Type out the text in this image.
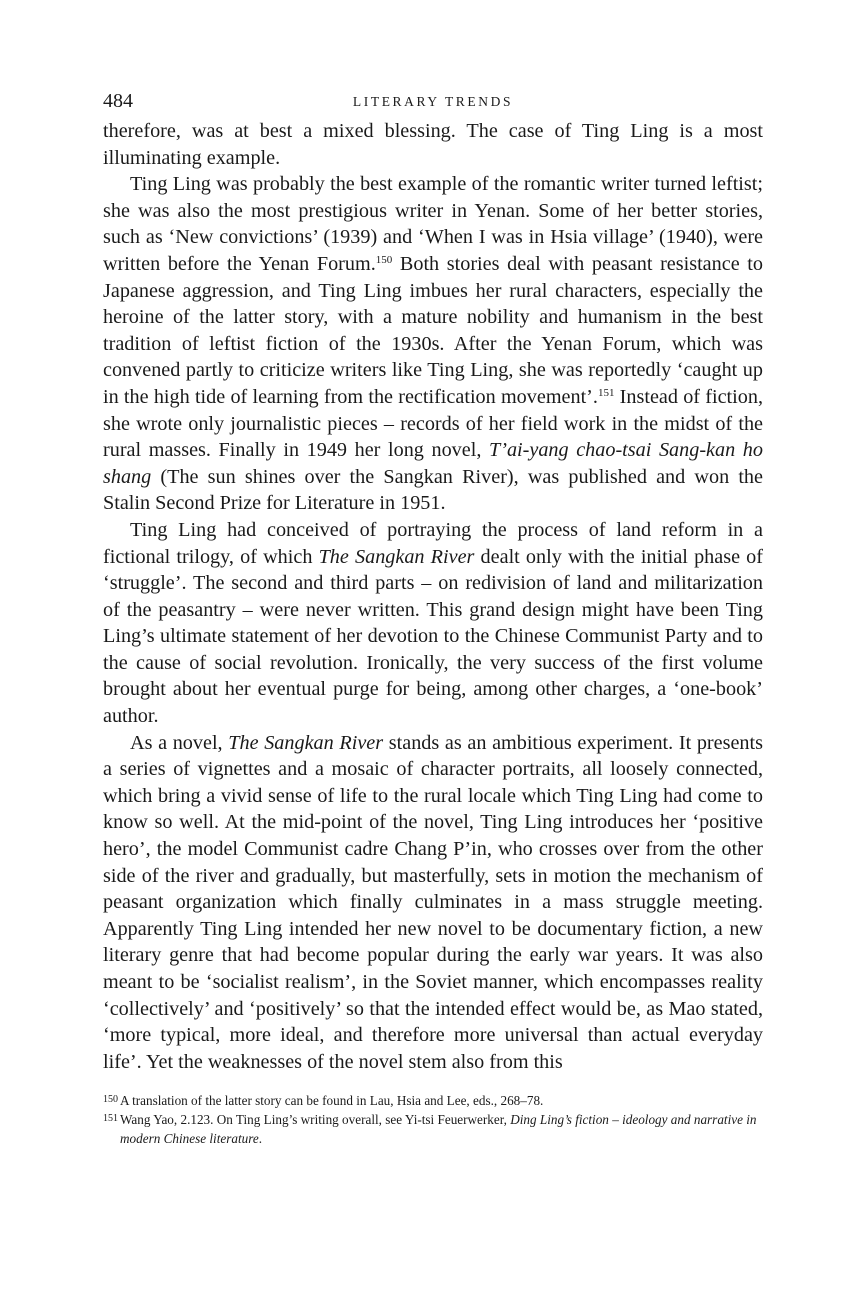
484	LITERARY TRENDS

therefore, was at best a mixed blessing. The case of Ting Ling is a most illuminating example.

Ting Ling was probably the best example of the romantic writer turned leftist; she was also the most prestigious writer in Yenan. Some of her better stories, such as ‘New convictions’ (1939) and ‘When I was in Hsia village’ (1940), were written before the Yenan Forum.$^{150}$ Both stories deal with peasant resistance to Japanese aggression, and Ting Ling imbues her rural characters, especially the heroine of the latter story, with a mature nobility and humanism in the best tradition of leftist fiction of the 1930s. After the Yenan Forum, which was convened partly to criticize writers like Ting Ling, she was reportedly ‘caught up in the high tide of learning from the rectification movement’.$^{151}$ Instead of fiction, she wrote only journalistic pieces – records of her field work in the midst of the rural masses. Finally in 1949 her long novel, T’ai-yang chao-tsai Sang-kan ho shang (The sun shines over the Sangkan River), was published and won the Stalin Second Prize for Literature in 1951.

Ting Ling had conceived of portraying the process of land reform in a fictional trilogy, of which The Sangkan River dealt only with the initial phase of ‘struggle’. The second and third parts – on redivision of land and militarization of the peasantry – were never written. This grand design might have been Ting Ling’s ultimate statement of her devotion to the Chinese Communist Party and to the cause of social revolution. Ironically, the very success of the first volume brought about her eventual purge for being, among other charges, a ‘one-book’ author.

As a novel, The Sangkan River stands as an ambitious experiment. It presents a series of vignettes and a mosaic of character portraits, all loosely connected, which bring a vivid sense of life to the rural locale which Ting Ling had come to know so well. At the mid-point of the novel, Ting Ling introduces her ‘positive hero’, the model Communist cadre Chang P’in, who crosses over from the other side of the river and gradually, but masterfully, sets in motion the mechanism of peasant organization which finally culminates in a mass struggle meeting. Apparently Ting Ling intended her new novel to be documentary fiction, a new literary genre that had become popular during the early war years. It was also meant to be ‘socialist realism’, in the Soviet manner, which encompasses reality ‘collectively’ and ‘positively’ so that the intended effect would be, as Mao stated, ‘more typical, more ideal, and therefore more universal than actual everyday life’. Yet the weaknesses of the novel stem also from this

150 A translation of the latter story can be found in Lau, Hsia and Lee, eds., 268–78.
151 Wang Yao, 2.123. On Ting Ling’s writing overall, see Yi-tsi Feuerwerker, Ding Ling’s fiction – ideology and narrative in modern Chinese literature.
